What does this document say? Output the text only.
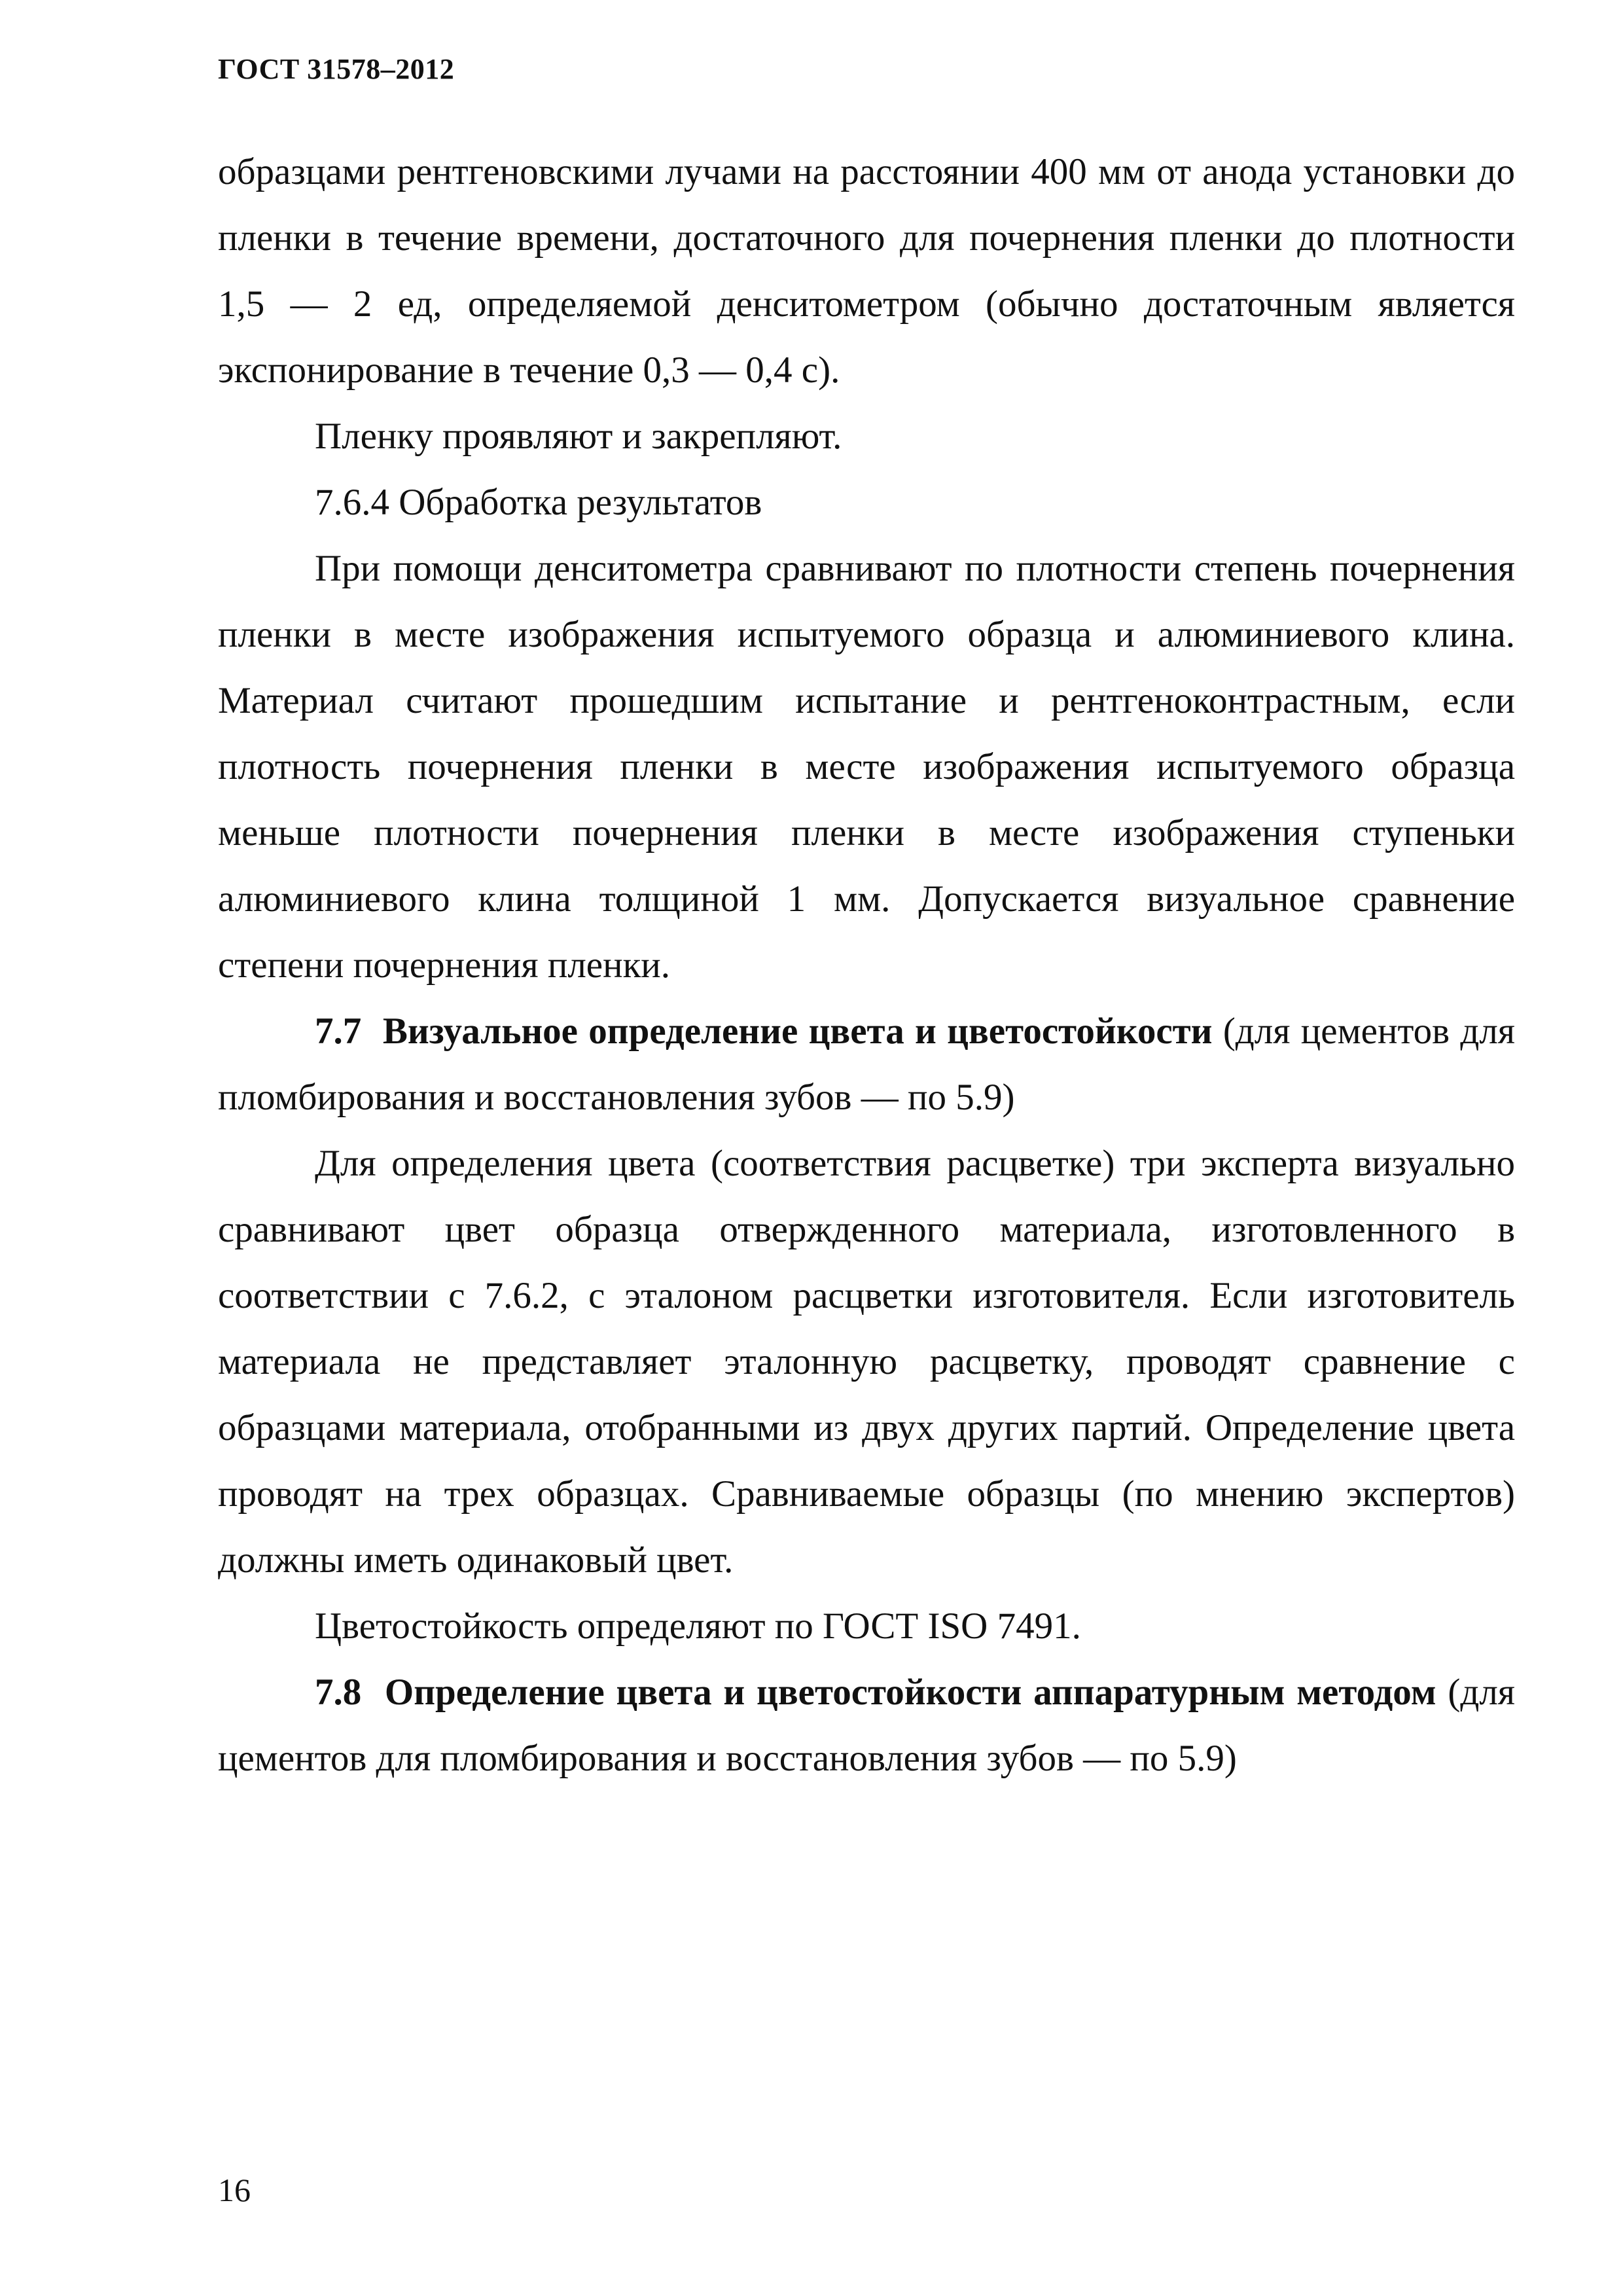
ГОСТ 31578–2012

образцами рентгеновскими лучами на расстоянии 400 мм от анода установки до пленки в течение времени, достаточного для почернения пленки до плотности 1,5 — 2 ед, определяемой денситометром (обычно достаточным является экспонирование в течение 0,3 — 0,4 с).

Пленку проявляют и закрепляют.

7.6.4 Обработка результатов

При помощи денситометра сравнивают по плотности степень почернения пленки в месте изображения испытуемого образца и алюминиевого клина. Материал считают прошедшим испытание и рентгеноконтрастным, если плотность почернения пленки в месте изображения испытуемого образца меньше плотности почернения пленки в месте изображения ступеньки алюминиевого клина толщиной 1 мм. Допускается визуальное сравнение степени почернения пленки.

7.7 Визуальное определение цвета и цветостойкости (для цементов для пломбирования и восстановления зубов — по 5.9)

Для определения цвета (соответствия расцветке) три эксперта визуально сравнивают цвет образца отвержденного материала, изготовленного в соответствии с 7.6.2, с эталоном расцветки изготовителя. Если изготовитель материала не представляет эталонную расцветку, проводят сравнение с образцами материала, отобранными из двух других партий. Определение цвета проводят на трех образцах. Сравниваемые образцы (по мнению экспертов) должны иметь одинаковый цвет.

Цветостойкость определяют по ГОСТ ISO 7491.

7.8 Определение цвета и цветостойкости аппаратурным методом (для цементов для пломбирования и восстановления зубов — по 5.9)

16
